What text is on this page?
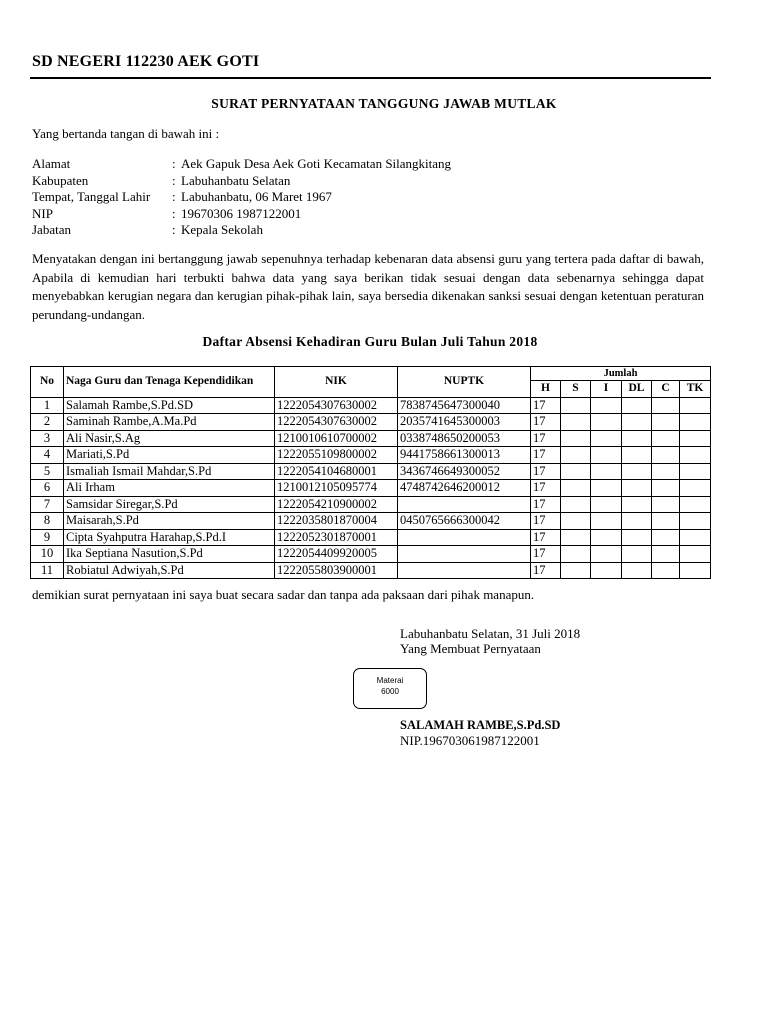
SD NEGERI 112230 AEK GOTI
SURAT PERNYATAAN TANGGUNG JAWAB MUTLAK
Yang bertanda tangan di bawah ini :
Alamat	: Aek Gapuk Desa Aek Goti Kecamatan Silangkitang
Kabupaten	: Labuhanbatu Selatan
Tempat, Tanggal Lahir : Labuhanbatu, 06 Maret 1967
NIP	: 19670306 1987122001
Jabatan	: Kepala Sekolah
Menyatakan dengan ini bertanggung jawab sepenuhnya terhadap kebenaran data absensi guru yang tertera pada daftar di bawah, Apabila di kemudian hari terbukti bahwa data yang saya berikan tidak sesuai dengan data sebenarnya sehingga dapat menyebabkan kerugian negara dan kerugian pihak-pihak lain, saya bersedia dikenakan sanksi sesuai dengan ketentuan peraturan perundang-undangan.
Daftar Absensi Kehadiran Guru Bulan Juli Tahun 2018
No	Naga Guru dan Tenaga Kependidikan	NIK	NUPTK	Jumlah					
				H	S	I	DL	C	TK
1	Salamah Rambe,S.Pd.SD	1222054307630002	7838745647300040	17					
2	Saminah Rambe,A.Ma.Pd	1222054307630002	2035741645300003	17					
3	Ali Nasir,S.Ag	1210010610700002	0338748650200053	17					
4	Mariati,S.Pd	1222055109800002	9441758661300013	17					
5	Ismaliah Ismail Mahdar,S.Pd	1222054104680001	3436746649300052	17					
6	Ali Irham	1210012105095774	4748742646200012	17					
7	Samsidar Siregar,S.Pd	1222054210900002		17					
8	Maisarah,S.Pd	1222035801870004	0450765666300042	17					
9	Cipta Syahputra Harahap,S.Pd.I	1222052301870001		17					
10	Ika Septiana Nasution,S.Pd	1222054409920005		17					
11	Robiatul Adwiyah,S.Pd	1222055803900001		17					
demikian surat pernyataan ini saya buat secara sadar dan tanpa ada paksaan dari pihak manapun.
Labuhanbatu Selatan, 31 Juli 2018
Yang Membuat Pernyataan
Materai
6000
SALAMAH RAMBE,S.Pd.SD
NIP.196703061987122001
